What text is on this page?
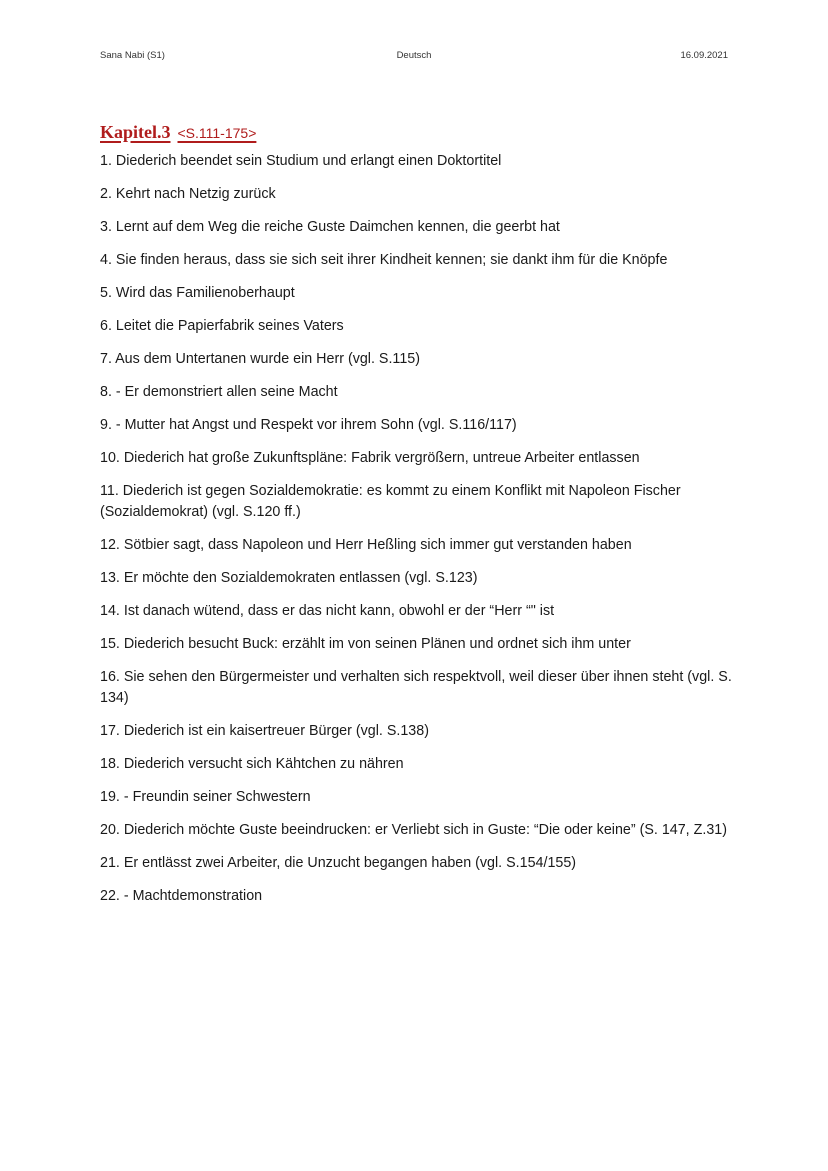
Sana Nabi (S1)	Deutsch	16.09.2021
Kapitel.3 <S.111-175>
1. Diederich beendet sein Studium und erlangt einen Doktortitel
2. Kehrt nach Netzig zurück
3. Lernt auf dem Weg die reiche Guste Daimchen kennen, die geerbt hat
4. Sie finden heraus, dass sie sich seit ihrer Kindheit kennen; sie dankt ihm für die Knöpfe
5. Wird das Familienoberhaupt
6. Leitet die Papierfabrik seines Vaters
7. Aus dem Untertanen wurde ein Herr (vgl. S.115)
8. - Er demonstriert allen seine Macht
9. - Mutter hat Angst und Respekt vor ihrem Sohn (vgl. S.116/117)
10. Diederich hat große Zukunftspläne: Fabrik vergrößern, untreue Arbeiter entlassen
11. Diederich ist gegen Sozialdemokratie: es kommt zu einem Konflikt mit Napoleon Fischer (Sozialdemokrat) (vgl. S.120 ff.)
12. Sötbier sagt, dass Napoleon und Herr Heßling sich immer gut verstanden haben
13. Er möchte den Sozialdemokraten entlassen (vgl. S.123)
14. Ist danach wütend, dass er das nicht kann, obwohl er der “Herr “" ist
15. Diederich besucht Buck: erzählt im von seinen Plänen und ordnet sich ihm unter
16. Sie sehen den Bürgermeister und verhalten sich respektvoll, weil dieser über ihnen steht (vgl. S. 134)
17. Diederich ist ein kaisertreuer Bürger (vgl. S.138)
18. Diederich versucht sich Kähtchen zu nähren
19. - Freundin seiner Schwestern
20. Diederich möchte Guste beeindrucken: er Verliebt sich in Guste: “Die oder keine” (S. 147, Z.31)
21. Er entlässt zwei Arbeiter, die Unzucht begangen haben (vgl. S.154/155)
22. - Machtdemonstration
